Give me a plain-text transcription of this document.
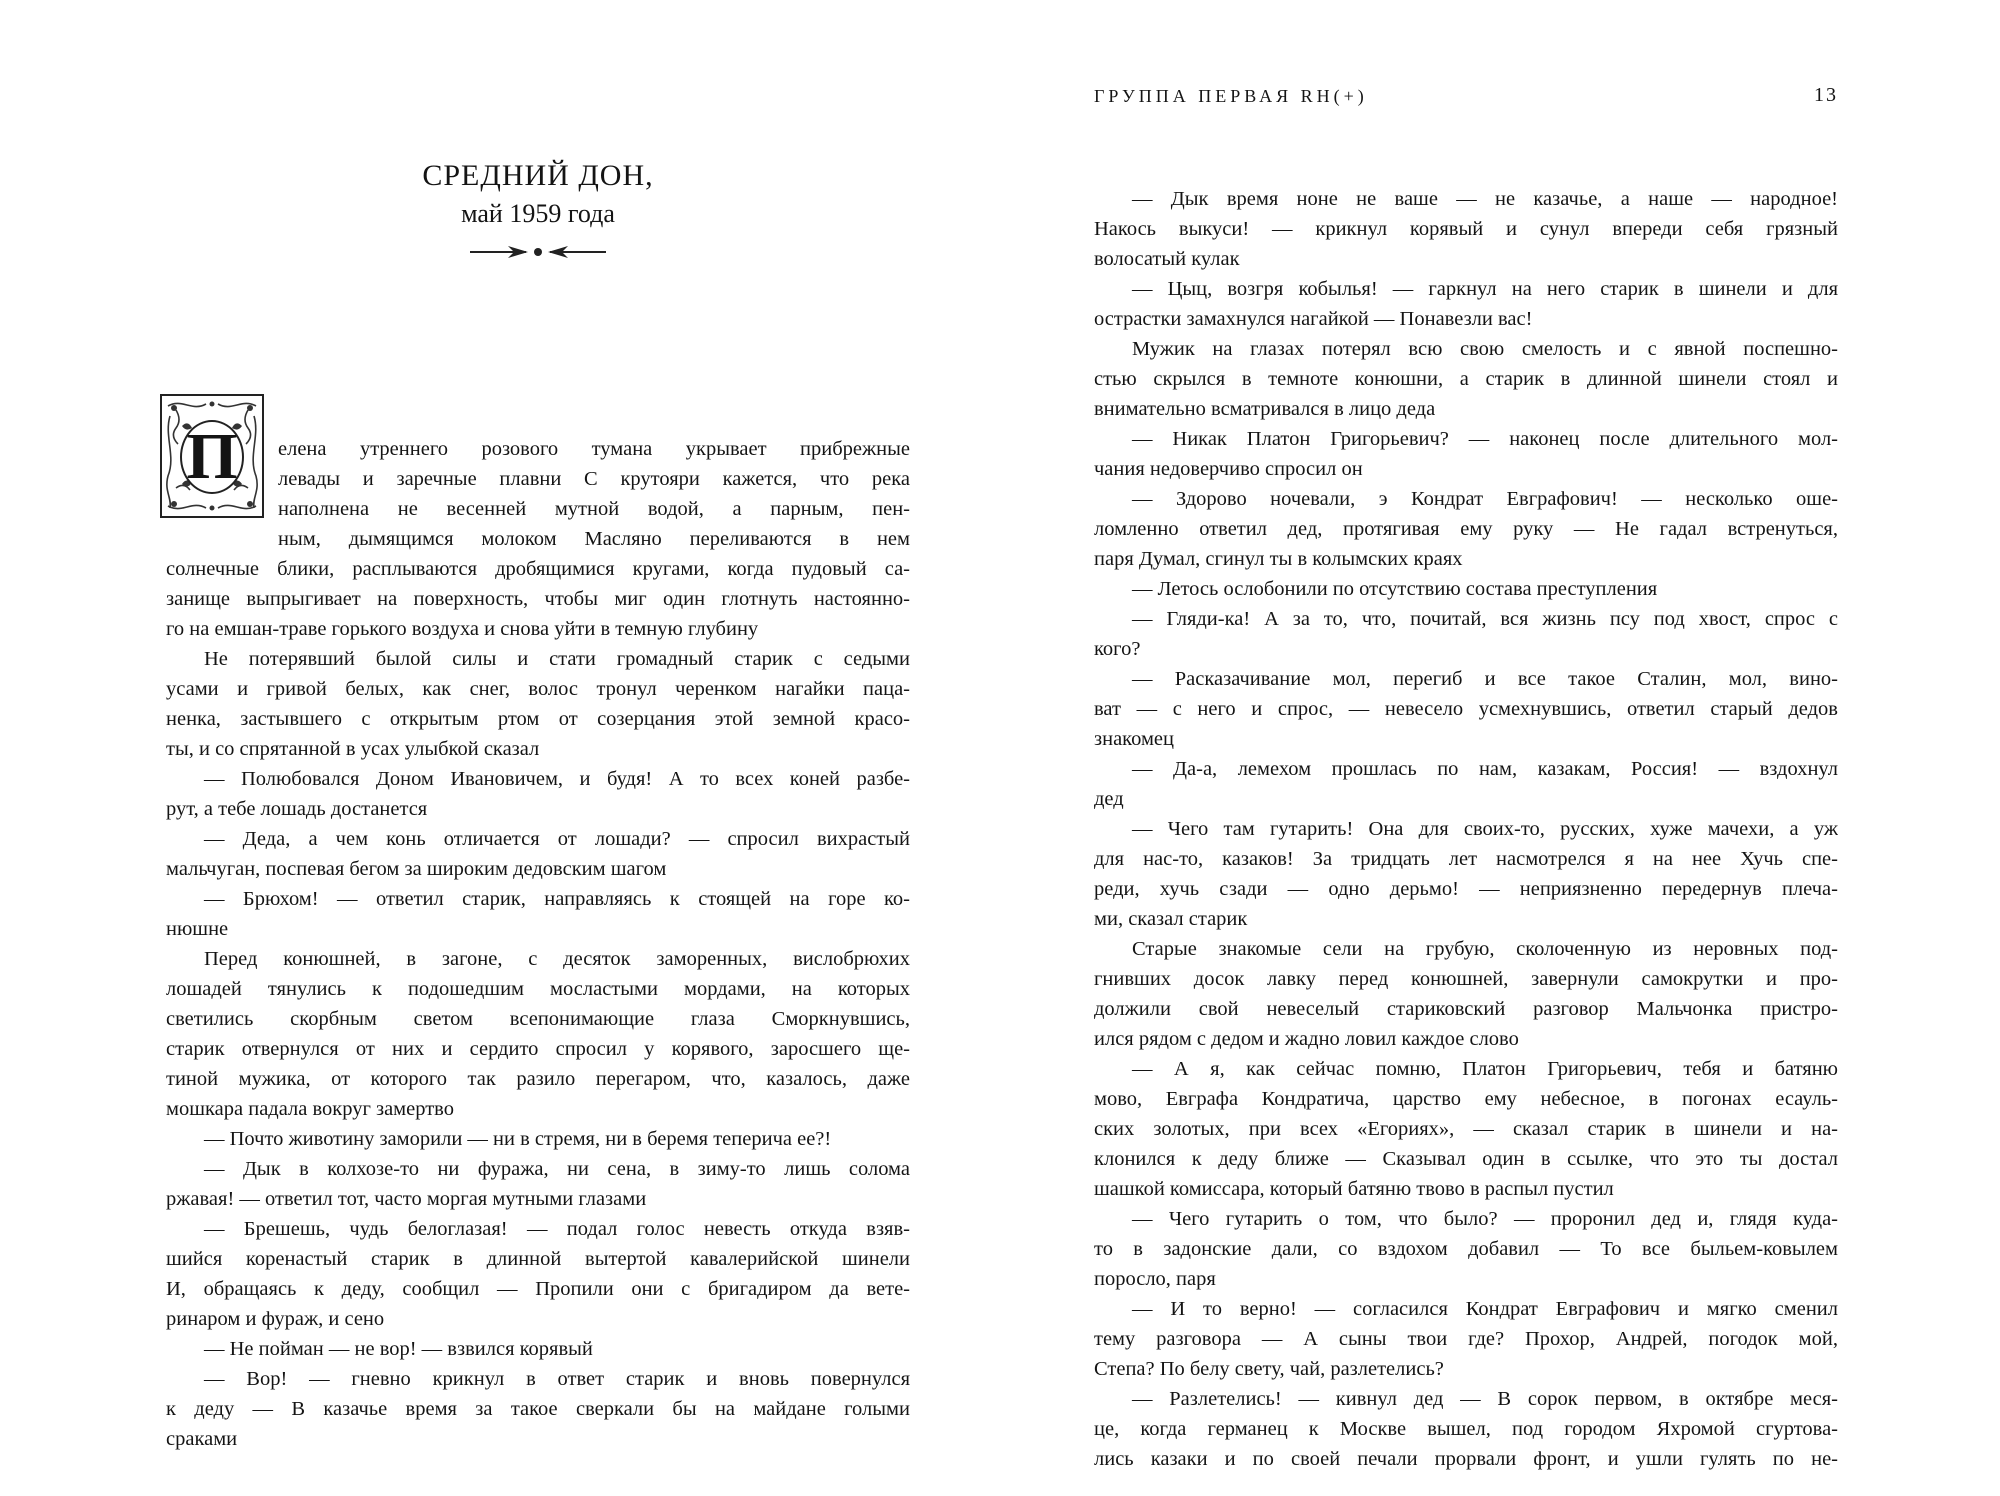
СРЕДНИЙ ДОН,
май 1959 года
П елена утреннего розового тумана укрывает прибрежные
левады и заречные плавни С крутояри кажется, что река
наполнена не весенней мутной водой, а парным, пен-
ным, дымящимся молоком Масляно переливаются в нем
солнечные блики, расплываются дробящимися кругами, когда пудовый са-
занище выпрыгивает на поверхность, чтобы миг один глотнуть настоянно-
го на емшан-траве горького воздуха и снова уйти в темную глубину
Не потерявший былой силы и стати громадный старик с седыми
усами и гривой белых, как снег, волос тронул черенком нагайки пацa-
ненка, застывшего с открытым ртом от созерцания этой земной красо-
ты, и со спрятанной в усах улыбкой сказал
— Полюбовался Доном Ивановичем, и будя! А то всех коней разбе-
рут, а тебе лошадь достанется
— Деда, а чем конь отличается от лошади? — спросил вихрастый
мальчуган, поспевая бегом за широким дедовским шагом
— Брюхом! — ответил старик, направляясь к стоящей на горе ко-
нюшне
Перед конюшней, в загоне, с десяток заморенных, вислобрюхих
лошадей тянулись к подошедшим мосластыми мордами, на которых
светились скорбным светом всепонимающие глаза Сморкнувшись,
старик отвернулся от них и сердито спросил у корявого, заросшего ще-
тиной мужика, от которого так разило перегаром, что, казалось, даже
мошкара падала вокруг замертво
— Почто животину заморили — ни в стремя, ни в беремя теперича ее?!
— Дык в колхозе-то ни фуража, ни сена, в зиму-то лишь солома
ржавая! — ответил тот, часто моргая мутными глазами
— Брешешь, чудь белоглазая! — подал голос невесть откуда взяв-
шийся коренастый старик в длинной вытертой кавалерийской шинели
И, обращаясь к деду, сообщил — Пропили они с бригадиром да вете-
ринаром и фураж, и сено
— Не пойман — не вор! — взвился корявый
— Вор! — гневно крикнул в ответ старик и вновь повернулся
к деду — В казачье время за такое сверкали бы на майдане голыми
сраками
ГРУППА ПЕРВАЯ RH(+)	13
— Дык время ноне не ваше — не казачье, а наше — народное!
Накось выкуси! — крикнул корявый и сунул впереди себя грязный
волосатый кулак
— Цыц, возгря кобылья! — гаркнул на него старик в шинели и для
острастки замахнулся нагайкой — Понавезли вас!
Мужик на глазах потерял всю свою смелость и с явной поспешно-
стью скрылся в темноте конюшни, а старик в длинной шинели стоял и
внимательно всматривался в лицо деда
— Никак Платон Григорьевич? — наконец после длительного мол-
чания недоверчиво спросил он
— Здорово ночевали, э Кондрат Евграфович! — несколько ошe-
ломленно ответил дед, протягивая ему руку — Не гадал встренуться,
паря Думал, сгинул ты в колымских краях
— Летось ослобонили по отсутствию состава преступления
— Гляди-ка! А за то, что, почитай, вся жизнь псу под хвост, спрос с
кого?
— Расказачивание мол, перегиб и все такое Сталин, мол, вино-
ват — с него и спрос, — невесело усмехнувшись, ответил старый дедов
знакомец
— Да-а, лемехом прошлась по нам, казакам, Россия! — вздохнул
дед
— Чего там гутарить! Она для своих-то, русских, хуже мачехи, а уж
для нас-то, казаков! За тридцать лет насмотрелся я на нее Хучь спе-
реди, хучь сзади — одно дерьмо! — неприязненно передернув плеча-
ми, сказал старик
Старые знакомые сели на грубую, сколоченную из неровных под-
гнивших досок лавку перед конюшней, завернули самокрутки и про-
должили свой невеселый стариковский разговор Мальчонка пристро-
ился рядом с дедом и жадно ловил каждое слово
— А я, как сейчас помню, Платон Григорьевич, тебя и батяню
мово, Евграфа Кондратича, царство ему небесное, в погонах есауль-
ских золотых, при всех «Егориях», — сказал старик в шинели и на-
клонился к деду ближе — Сказывал один в ссылке, что это ты достал
шашкой комиссара, который батяню твово в распыл пустил
— Чего гутарить о том, что было? — проронил дед и, глядя куда-
то в задонские дали, со вздохом добавил — То все быльем-ковылем
поросло, паря
— И то верно! — согласился Кондрат Евграфович и мягко сменил
тему разговора — А сыны твои где? Прохор, Андрей, погодок мой,
Степа? По белу свету, чай, разлетелись?
— Разлетелись! — кивнул дед — В сорок первом, в октябре меся-
це, когда германец к Москве вышел, под городом Яхромой сгуртова-
лись казаки и по своей печали прорвали фронт, и ушли гулять по не-
